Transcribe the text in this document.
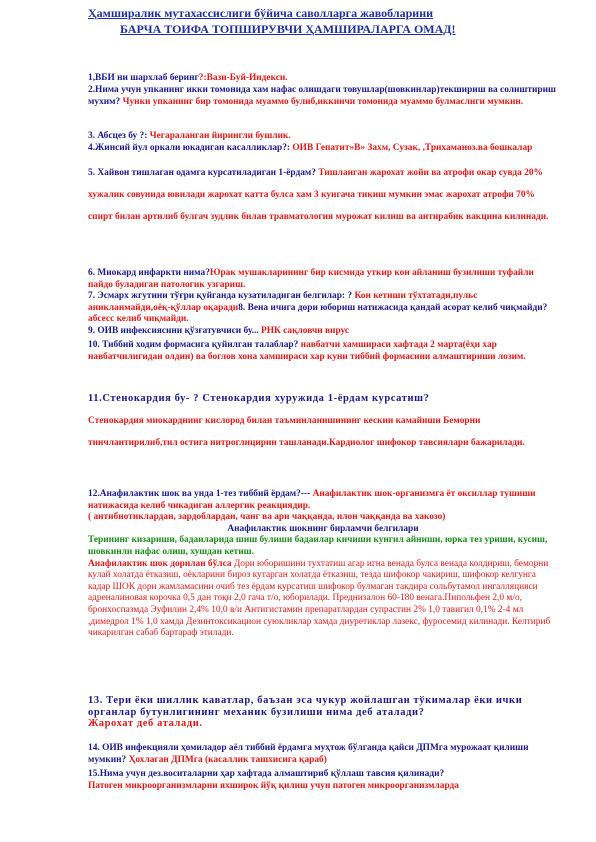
Ҳамширалик мутахассислиги бўйича саволларга жавобларини
БАРЧА ТОИФА ТОПШИРУВЧИ ҲАМШИРАЛАРГА ОМАД!
1,ВБИ ни шархлаб беринг?:Вазн-Буй-Индекси.
2.Нима учун упканинг икки томонида хам нафас олишдаги товушлар(шовкинлар)текшириш ва солиштириш мухим? Чунки упканинг бир томонида муаммо булиб,иккинчи томонида муаммо булмаслиги мумкин.
3. Абсцез бу ?: Чегараланган йирингли бушлик.
4.Жинсий йул оркали юкадиган касалликлар?: ОИВ Гепатит»В» Захм, Сузак, ,Трихаманоз.ва бошкалар
5. Хайвон тишлаган одамга курсатиладиган 1-ёрдам? Тишланган жарохат жойи ва атрофи окар сувда 20% хужалик совунида ювилади жарохат катта булса хам 3 кунгача тикиш мумкин эмас жарохат атрофи 70% спирт билан артилиб булгач зудлик билан травматология мурожат килиш ва антирабик вакцина килинади.
6. Миокард инфаркти нима?Юрак мушакларининг бир кисмида уткир кон айланиш бузилиши туфайли пайдо буладиган патологик узгариш.
7. Эсмарх жгутини тўғри қуйганда кузатиладиган белгилар: ? Кон кетиши тўхтатади,пульс аникланмайди,оёқ-қўллар оқаради8. Вена ичига дори юбориш натижасида қандай асорат келиб чиқмайди? абсесс келиб чиқмайди.
9. ОИВ инфексиясини қўзғатувчиси бу... РНК сақловчи вирус
10. Тиббий ходим формасига қуйилган талаблар? навбатчи хамшираси хафтада 2 марта(ёҳи хар навбатчилигидан олдин) ва боглов хона хамшираси хар куни тиббий формасини алмаштириши лозим.
11.Стенокардия бу- ? Стенокардия хуружида 1-ёрдам курсатиш?
Стенокардия миокарднинг кислород билан таъминланишининг кескин камайиши Беморни тинчлантирилиб,тил остига нитроглицирин ташланади.Кардиолог шифокор тавсиялари бажарилади.
12.Анафилактик шок ва унда 1-тез тиббий ёрдам?--- Анафилактик шок-организмга ёт оксиллар тушиши натижасида келиб чикадиган аллергик реакциядир.
( антибиотиклардан, зардоблардан, чанг ва ари чаққанда, илон чаққанда ва хакозо)
Анафилактик шокнинг бирламчи белгилари
Терининг кизариши, бадаиларида шиш булиши бадаилар кичиши кунгил айниши, юрка тез уриши, кусиш, шовкинли нафас олиш, хушдан кетиш.
Анафилактик шок дорилан бўлса Дори юборишини тухтатиш агар игна венада булса венада колдириш, беморни кулай холатда ётказиш, оёкларини бироз кутарган холатда ётказиш, тезда шифокор чакириш, шифокор келгунга кадар ШОК дори жамламасини очиб тез ёрдам курсатиш шифокор булмаган такдира сольбутамол ингалляцияси адреналиновая корочка 0,5 дан тоқи 2,0 гача т/о, юборилади. Преднизалон 60-180 венага.Пипольфен 2,0 м/о, бронхоспазмда Эуфилин 2,4% 10,0 в/и Антигистамин препаратлардан супрастин 2% 1,0 тавигил 0,1% 2-4 мл ,димедрол 1% 1,0 хамда Дезинтоксикацион суюкликлар хамда диуретиклар лазекс, фуросемид килинади. Келтириб чикарилган сабаб бартараф этилади.
13. Тери ёки шиллик каватлар, баъзан эса чукур жойлашган тўкималар ёки ички органлар бутунлигининг механик бузилиши нима деб аталади?
Жарохат деб аталади.
14. ОИВ инфекцияли ҳомиладор аёл тиббий ёрдамга муҳтож бўлганда қайси ДПМга мурожаат қилиши мумкин? Ҳохлаган ДПМга (касаллик ташхисига қараб)
15.Нима учун дез.воситаларни ҳар хафтада алмаштириб қўллаш тавсия қилинади?
Патоген микроорганизмларни яхширок йўқ қилиш учун патоген микроорганизмларда
